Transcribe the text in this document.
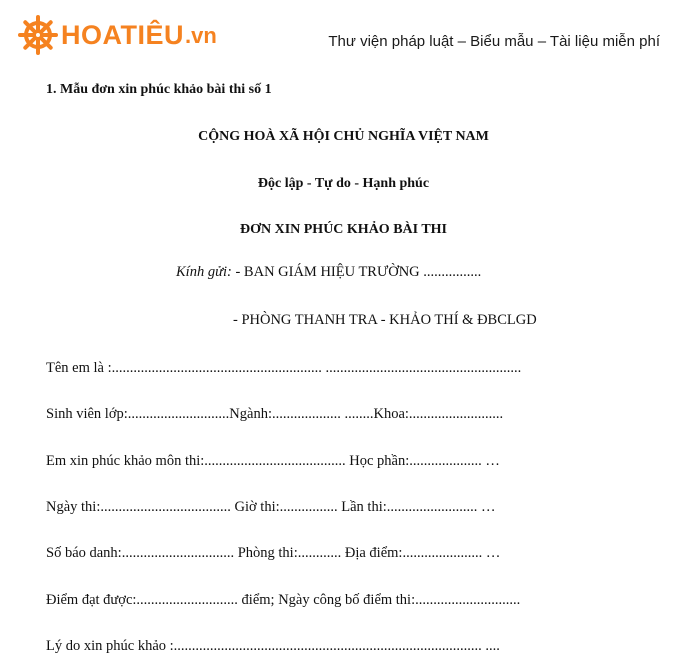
HOATIÊU .vn	Thư viện pháp luật – Biểu mẫu – Tài liệu miễn phí
1. Mẫu đơn xin phúc khảo bài thi số 1
CỘNG HOÀ XÃ HỘI CHỦ NGHĨA VIỆT NAM
Độc lập - Tự do - Hạnh phúc
ĐƠN XIN PHÚC KHẢO BÀI THI
Kính gửi: - BAN GIÁM HIỆU TRƯỜNG ................
- PHÒNG THANH TRA - KHẢO THÍ & ĐBCLGD
Tên em là :.......................................................... ......................................................
Sinh viên lớp:............................Ngành:................... ........Khoa:..........................
Em xin phúc khảo môn thi:....................................... Học phần:.................... …
Ngày thi:.................................... Giờ thi:................ Lần thi:......................... …
Số báo danh:............................... Phòng thi:............ Địa điểm:...................... …
Điểm đạt được:............................ điểm; Ngày công bố điểm thi:.............................
Lý do xin phúc khảo :..................................................................................... ....
